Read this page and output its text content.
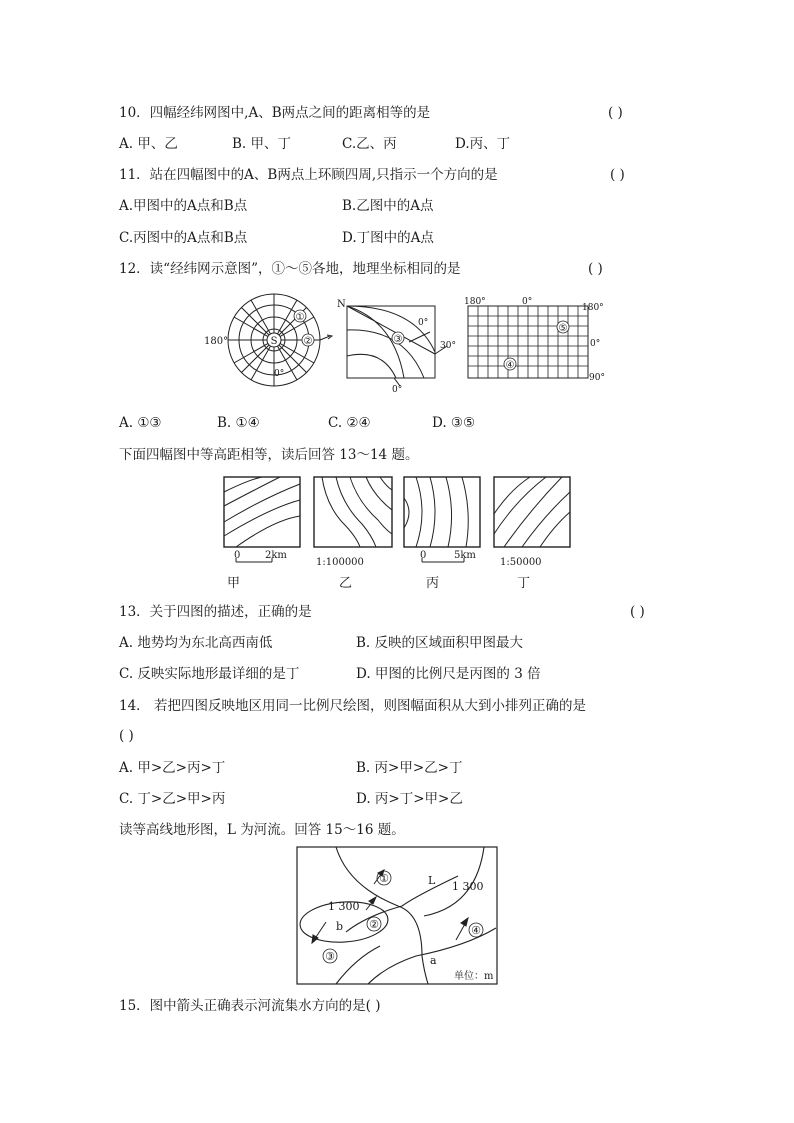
10．四幅经纬网图中,A、B两点之间的距离相等的是	( )
A. 甲、乙	B. 甲、丁	C.乙、丙	D.丙、丁
11．站在四幅图中的A、B两点上环顾四周,只指示一个方向的是	( )
A.甲图中的A点和B点	B.乙图中的A点
C.丙图中的A点和B点	D.丁图中的A点
12．读“经纬网示意图”，①～⑤各地，地理坐标相同的是	( )
S
180°
0°
①
②
N
0°
30°
0°
③
180°	0°
180°
0°
90°
⑤
④
A. ①③	B. ①④	C. ②④	D. ③⑤
下面四幅图中等高距相等，读后回答 13～14 题。
0 2km
甲
1:100000
乙
0	5km
丙
1:50000
丁
13．关于四图的描述，正确的是	( )
A. 地势均为东北高西南低	B. 反映的区域面积甲图最大
C. 反映实际地形最详细的是丁	D. 甲图的比例尺是丙图的 3 倍
14． 若把四图反映地区用同一比例尺绘图，则图幅面积从大到小排列正确的是
( )
A. 甲>乙>丙>丁	B. 丙>甲>乙>丁
C. 丁>乙>甲>丙	D. 丙>丁>甲>乙
读等高线地形图，L 为河流。回答 15～16 题。
①
②
③
④
L 1 300
1 300
b
a
单位：m
15．图中箭头正确表示河流集水方向的是( )
